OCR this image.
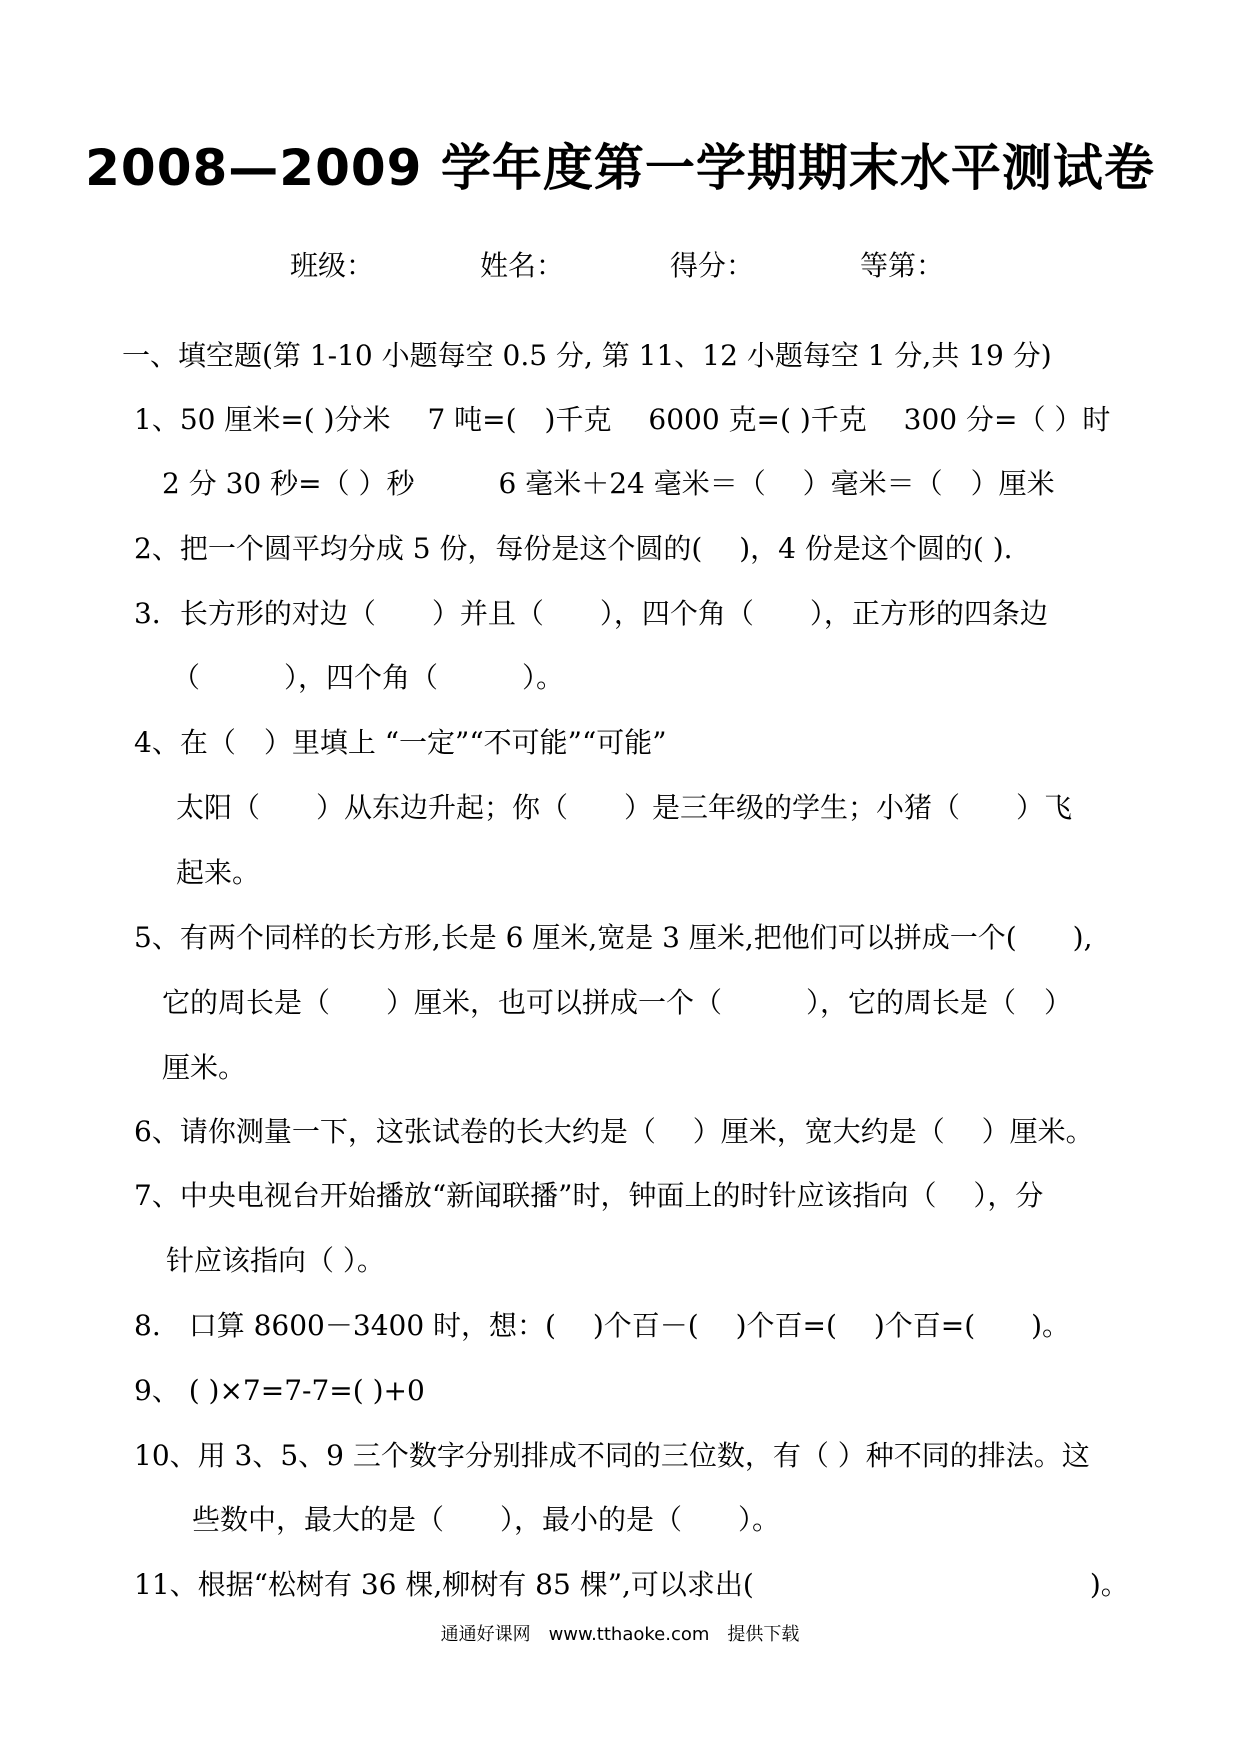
2008—2009 学年度第一学期期末水平测试卷
班级：	姓名：	得分：	等第：
一、填空题(第 1-10 小题每空 0.5 分, 第 11、12 小题每空 1 分,共 19 分)
1、50 厘米=( )分米　 7 吨=(　)千克　 6000 克=( )千克　 300 分=（ ）时
2 分 30 秒=（ ）秒　　　6 毫米＋24 毫米＝（　 ）毫米＝（　）厘米
2、把一个圆平均分成 5 份，每份是这个圆的(　 )，4 份是这个圆的( ).
3．长方形的对边（　　）并且（　　），四个角（　　），正方形的四条边
（　　　），四个角（　　　）。
4、在（　）里填上 “一定”“不可能”“可能”
太阳（　　）从东边升起；你（　　）是三年级的学生；小猪（　　）飞
起来。
5、有两个同样的长方形,长是 6 厘米,宽是 3 厘米,把他们可以拼成一个(　　),
它的周长是（　　）厘米，也可以拼成一个（　　　），它的周长是（　）
厘米。
6、请你测量一下，这张试卷的长大约是（　 ）厘米，宽大约是（　 ）厘米。
7、中央电视台开始播放“新闻联播”时，钟面上的时针应该指向（　 ），分
针应该指向（ ）。
8.　口算 8600－3400 时，想：(　 )个百－(　 )个百=(　 )个百=(　　)。
9、 ( )×7=7-7=( )+0
10、用 3、5、9 三个数字分别排成不同的三位数，有（ ）种不同的排法。这
些数中，最大的是（　　），最小的是（　　）。
11、根据“松树有 36 棵,柳树有 85 棵”,可以求出(　　　　　　　　　　　　)。
通通好课网　www.tthaoke.com　提供下载
